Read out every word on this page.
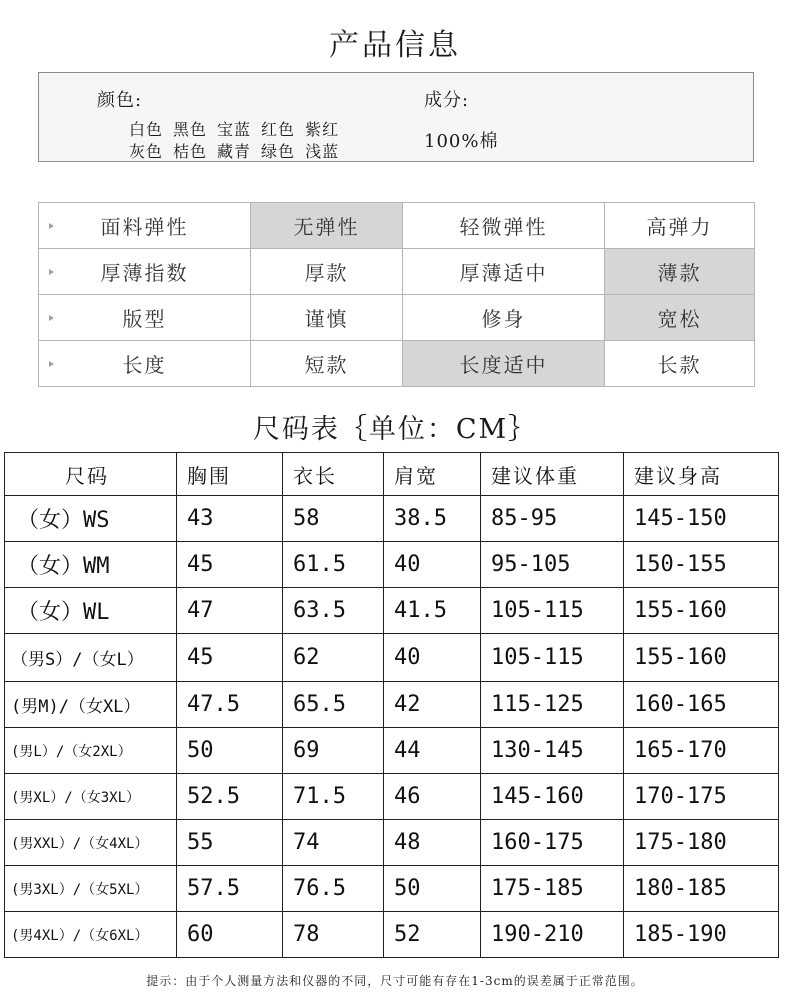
产品信息
颜色:
白色 黑色 宝蓝 红色 紫红
灰色 桔色 藏青 绿色 浅蓝
成分:
100%棉
面料弹性	无弹性	轻微弹性	高弹力

厚薄指数	厚款	厚薄适中	薄款

版型	谨慎	修身	宽松

长度	短款	长度适中	长款
尺码表｛单位：CM｝
尺码	胸围	衣长	肩宽	建议体重	建议身高
（女）WS	43	58	38.5	85-95	145-150
（女）WM	45	61.5	40	95-105	150-155
（女）WL	47	63.5	41.5	105-115	155-160
（男S）/（女L）	45	62	40	105-115	155-160
(男M)/（女XL）	47.5	65.5	42	115-125	160-165
(男L）/（女2XL）	50	69	44	130-145	165-170
(男XL）/（女3XL）	52.5	71.5	46	145-160	170-175
(男XXL）/（女4XL）	55	74	48	160-175	175-180
(男3XL）/（女5XL）	57.5	76.5	50	175-185	180-185
(男4XL）/（女6XL）	60	78	52	190-210	185-190
提示：由于个人测量方法和仪器的不同，尺寸可能有存在1-3cm的误差属于正常范围。
